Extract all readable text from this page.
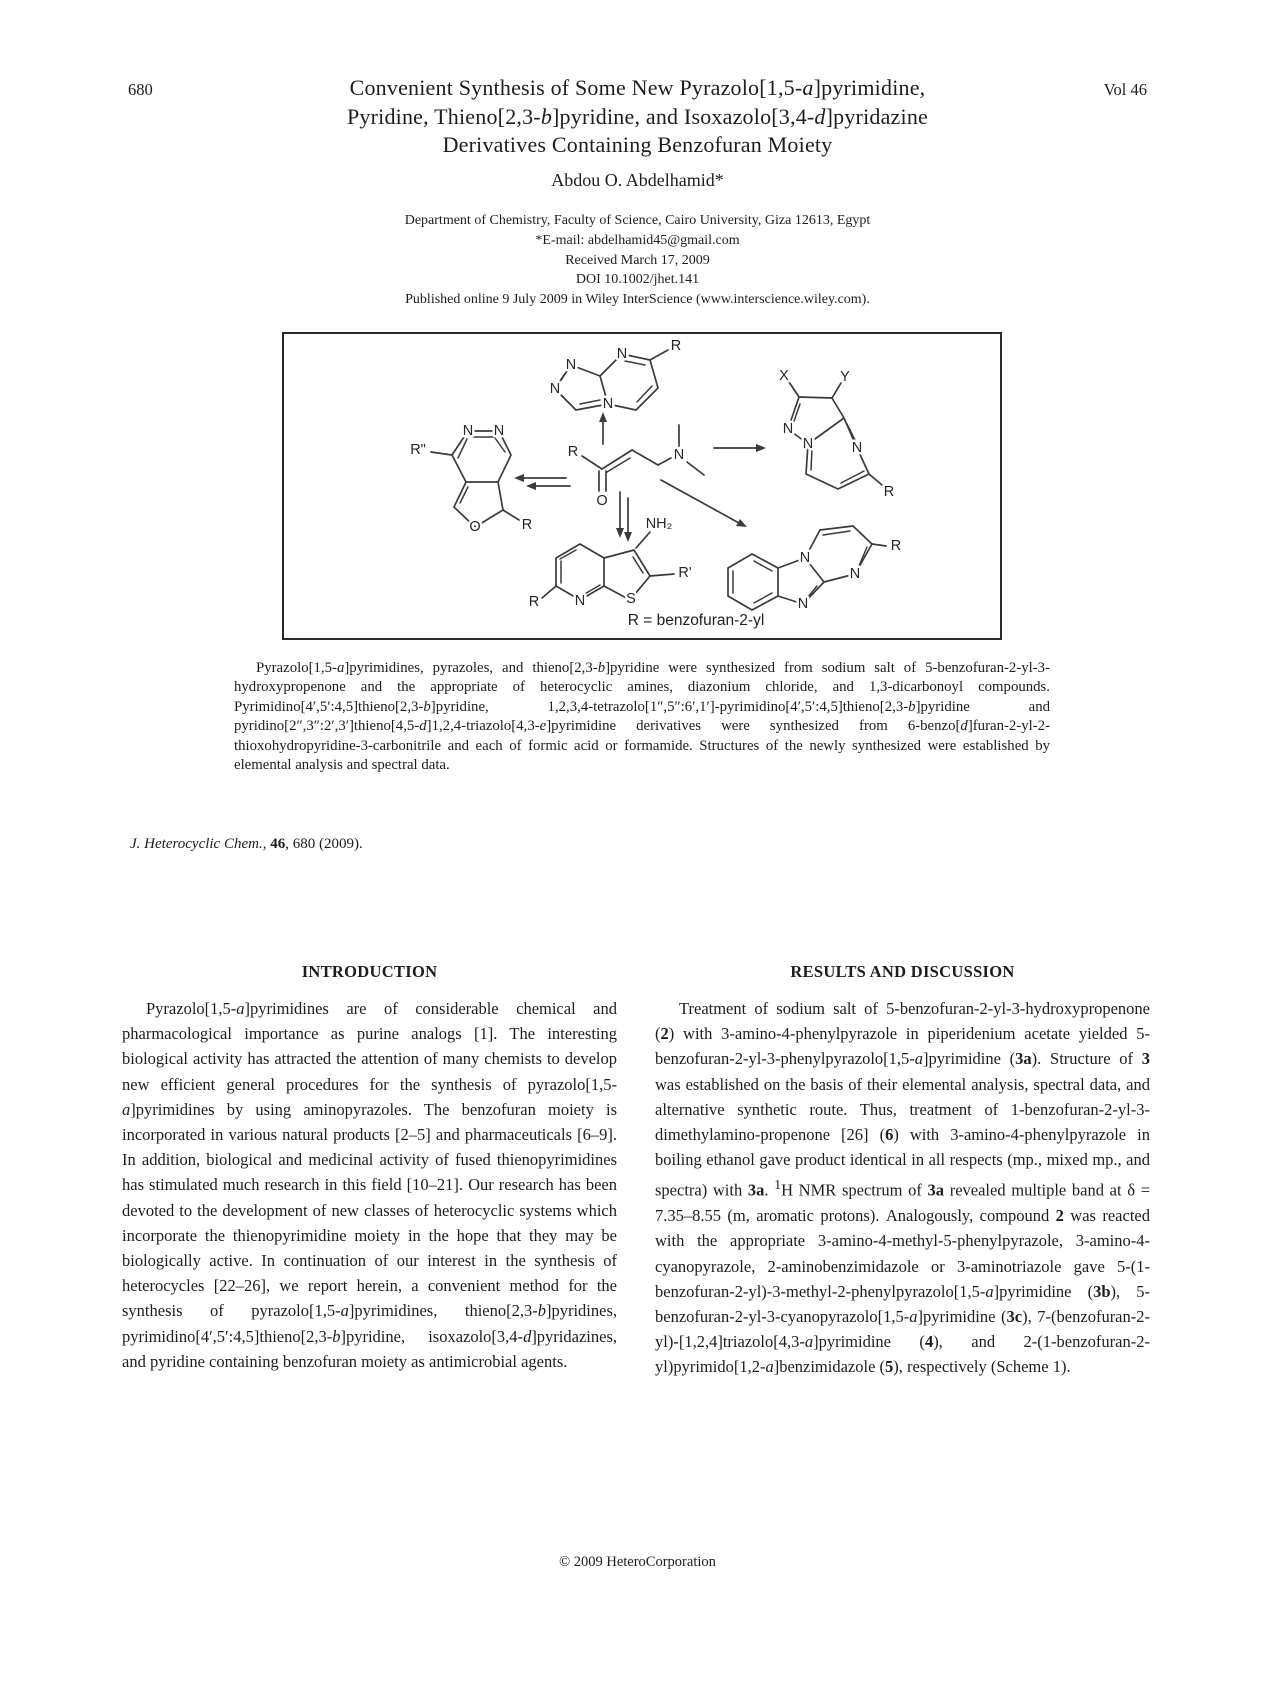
680	Vol 46
Convenient Synthesis of Some New Pyrazolo[1,5-a]pyrimidine,
Pyridine, Thieno[2,3-b]pyridine, and Isoxazolo[3,4-d]pyridazine
Derivatives Containing Benzofuran Moiety
Abdou O. Abdelhamid*
Department of Chemistry, Faculty of Science, Cairo University, Giza 12613, Egypt
*E-mail: abdelhamid45@gmail.com
Received March 17, 2009
DOI 10.1002/jhet.141
Published online 9 July 2009 in Wiley InterScience (www.interscience.wiley.com).
N
N
N
N
R
N
N	N
X	Y
R
N N
O
R"
R
R
O
N
N	S
NH₂
R'
R
N
N
N
R
R = benzofuran-2-yl

Pyrazolo[1,5-a]pyrimidines, pyrazoles, and thieno[2,3-b]pyridine were synthesized from sodium salt of 5-benzofuran-2-yl-3-hydroxypropenone and the appropriate of heterocyclic amines, diazonium chloride, and 1,3-dicarbonoyl compounds. Pyrimidino[4′,5′:4,5]thieno[2,3-b]pyridine, 1,2,3,4-tetrazolo[1″,5″:6′,1′]-pyrimidino[4′,5′:4,5]thieno[2,3-b]pyridine and pyridino[2″,3″:2′,3′]thieno[4,5-d]1,2,4-triazolo[4,3-e]pyrimidine derivatives were synthesized from 6-benzo[d]furan-2-yl-2-thioxohydropyridine-3-carbonitrile and each of formic acid or formamide. Structures of the newly synthesized were established by elemental analysis and spectral data.

J. Heterocyclic Chem., 46, 680 (2009).

INTRODUCTION

Pyrazolo[1,5-a]pyrimidines are of considerable chemical and pharmacological importance as purine analogs [1]. The interesting biological activity has attracted the attention of many chemists to develop new efficient general procedures for the synthesis of pyrazolo[1,5-a]pyrimidines by using aminopyrazoles. The benzofuran moiety is incorporated in various natural products [2–5] and pharmaceuticals [6–9]. In addition, biological and medicinal activity of fused thienopyrimidines has stimulated much research in this field [10–21]. Our research has been devoted to the development of new classes of heterocyclic systems which incorporate the thienopyrimidine moiety in the hope that they may be biologically active. In continuation of our interest in the synthesis of heterocycles [22–26], we report herein, a convenient method for the synthesis of pyrazolo[1,5-a]pyrimidines, thieno[2,3-b]pyridines, pyrimidino[4′,5′:4,5]thieno[2,3-b]pyridine, isoxazolo[3,4-d]pyridazines, and pyridine containing benzofuran moiety as antimicrobial agents.

RESULTS AND DISCUSSION

Treatment of sodium salt of 5-benzofuran-2-yl-3-hydroxypropenone (2) with 3-amino-4-phenylpyrazole in piperidenium acetate yielded 5-benzofuran-2-yl-3-phenylpyrazolo[1,5-a]pyrimidine (3a). Structure of 3 was established on the basis of their elemental analysis, spectral data, and alternative synthetic route. Thus, treatment of 1-benzofuran-2-yl-3-dimethylamino-propenone [26] (6) with 3-amino-4-phenylpyrazole in boiling ethanol gave product identical in all respects (mp., mixed mp., and spectra) with 3a. $^1$H NMR spectrum of 3a revealed multiple band at δ = 7.35–8.55 (m, aromatic protons). Analogously, compound 2 was reacted with the appropriate 3-amino-4-methyl-5-phenylpyrazole, 3-amino-4-cyanopyrazole, 2-aminobenzimidazole or 3-aminotriazole gave 5-(1-benzofuran-2-yl)-3-methyl-2-phenylpyrazolo[1,5-a]pyrimidine (3b), 5-benzofuran-2-yl-3-cyanopyrazolo[1,5-a]pyrimidine (3c), 7-(benzofuran-2-yl)-[1,2,4]triazolo[4,3-a]pyrimidine (4), and 2-(1-benzofuran-2-yl)pyrimido[1,2-a]benzimidazole (5), respectively (Scheme 1).

© 2009 HeteroCorporation
